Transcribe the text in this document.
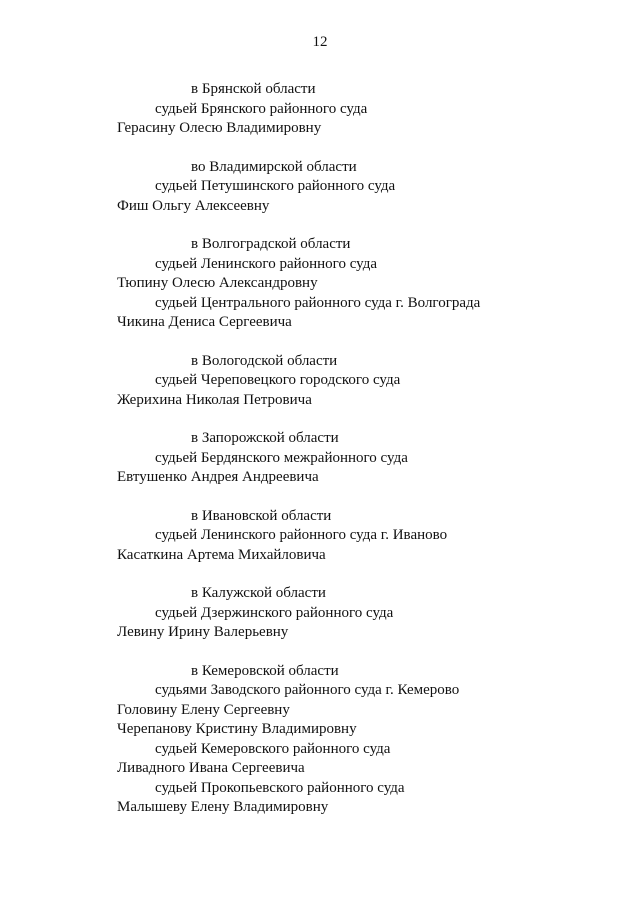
12
в Брянской области
судьей Брянского районного суда
Герасину Олесю Владимировну
во Владимирской области
судьей Петушинского районного суда
Фиш Ольгу Алексеевну
в Волгоградской области
судьей Ленинского районного суда
Тюпину Олесю Александровну
судьей Центрального районного суда г. Волгограда
Чикина Дениса Сергеевича
в Вологодской области
судьей Череповецкого городского суда
Жерихина Николая Петровича
в Запорожской области
судьей Бердянского межрайонного суда
Евтушенко Андрея Андреевича
в Ивановской области
судьей Ленинского районного суда г. Иваново
Касаткина Артема Михайловича
в Калужской области
судьей Дзержинского районного суда
Левину Ирину Валерьевну
в Кемеровской области
судьями Заводского районного суда г. Кемерово
Головину Елену Сергеевну
Черепанову Кристину Владимировну
судьей Кемеровского районного суда
Ливадного Ивана Сергеевича
судьей Прокопьевского районного суда
Малышеву Елену Владимировну
